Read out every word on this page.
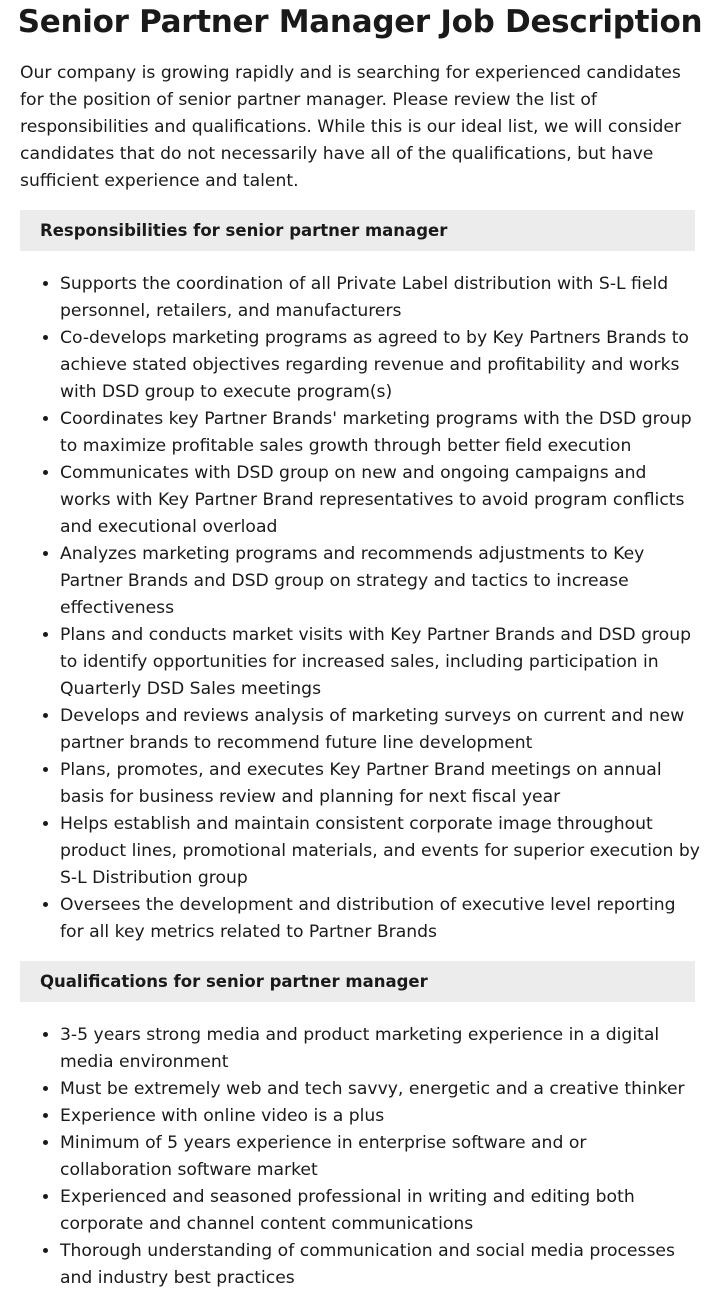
Senior Partner Manager Job Description

Our company is growing rapidly and is searching for experienced candidates for the position of senior partner manager. Please review the list of responsibilities and qualifications. While this is our ideal list, we will consider candidates that do not necessarily have all of the qualifications, but have sufficient experience and talent.

Responsibilities for senior partner manager
• Supports the coordination of all Private Label distribution with S-L field personnel, retailers, and manufacturers
• Co-develops marketing programs as agreed to by Key Partners Brands to achieve stated objectives regarding revenue and profitability and works with DSD group to execute program(s)
• Coordinates key Partner Brands' marketing programs with the DSD group to maximize profitable sales growth through better field execution
• Communicates with DSD group on new and ongoing campaigns and works with Key Partner Brand representatives to avoid program conflicts and executional overload
• Analyzes marketing programs and recommends adjustments to Key Partner Brands and DSD group on strategy and tactics to increase effectiveness
• Plans and conducts market visits with Key Partner Brands and DSD group to identify opportunities for increased sales, including participation in Quarterly DSD Sales meetings
• Develops and reviews analysis of marketing surveys on current and new partner brands to recommend future line development
• Plans, promotes, and executes Key Partner Brand meetings on annual basis for business review and planning for next fiscal year
• Helps establish and maintain consistent corporate image throughout product lines, promotional materials, and events for superior execution by S-L Distribution group
• Oversees the development and distribution of executive level reporting for all key metrics related to Partner Brands
Qualifications for senior partner manager
• 3-5 years strong media and product marketing experience in a digital media environment
• Must be extremely web and tech savvy, energetic and a creative thinker
• Experience with online video is a plus
• Minimum of 5 years experience in enterprise software and or collaboration software market
• Experienced and seasoned professional in writing and editing both corporate and channel content communications
• Thorough understanding of communication and social media processes and industry best practices
